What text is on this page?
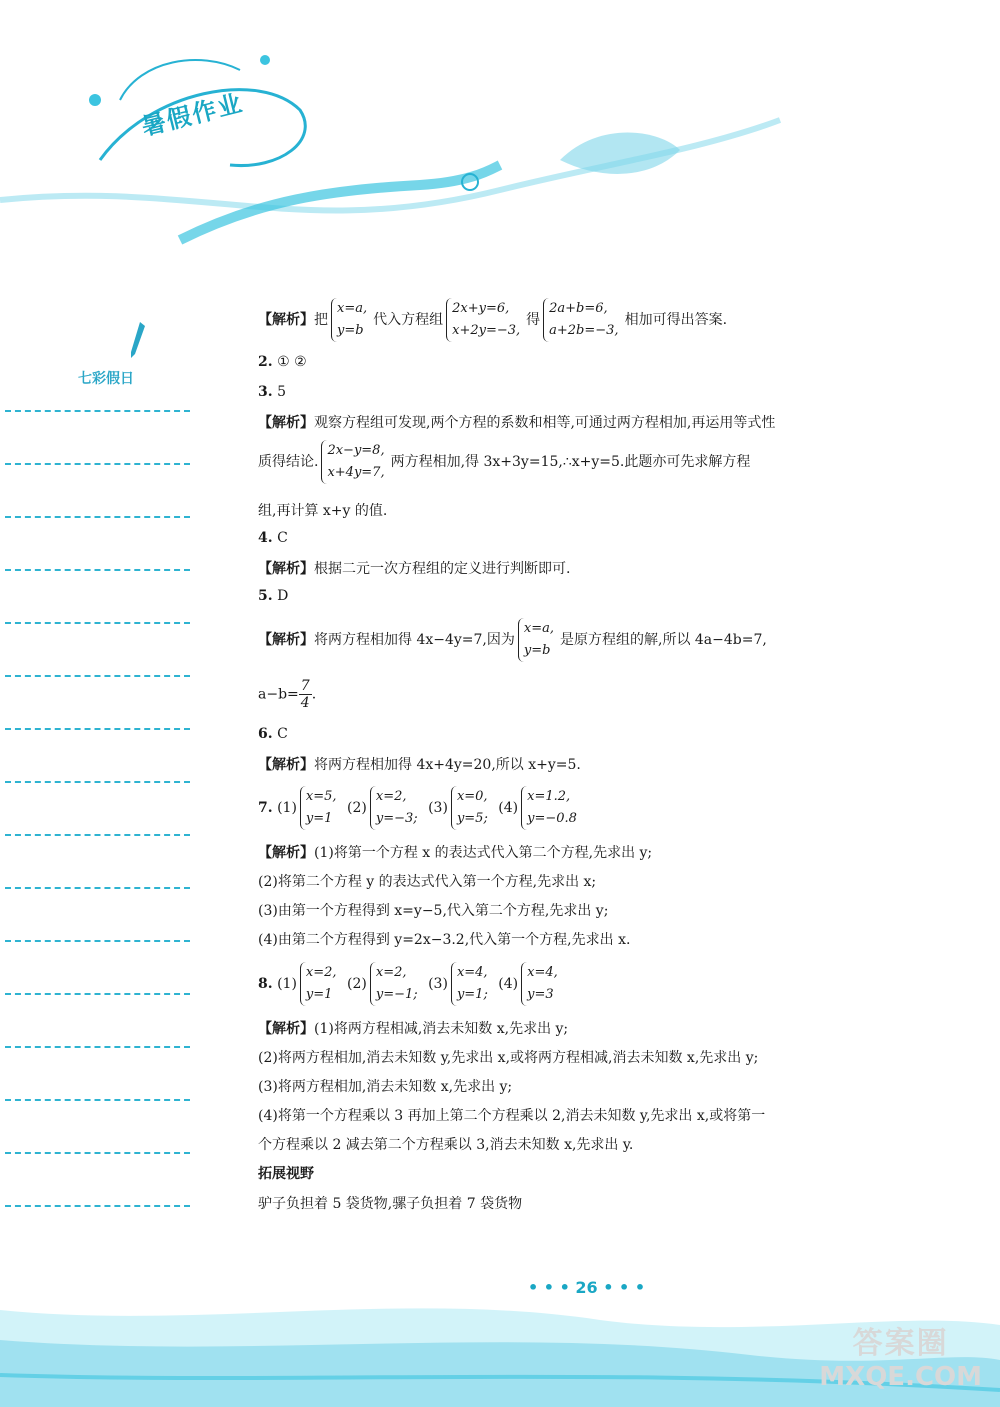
暑假作业
七彩假日
【解析】把
x=a,
y=b
代入方程组
2x+y=6,
x+2y=−3,
得
2a+b=6,
a+2b=−3,
相加可得出答案.
2. ① ②
3. 5
【解析】观察方程组可发现,两个方程的系数和相等,可通过两方程相加,再运用等式性
质得结论.
2x−y=8,
x+4y=7,
两方程相加,得 3x+3y=15,∴x+y=5.此题亦可先求解方程
组,再计算 x+y 的值.
4. C
【解析】根据二元一次方程组的定义进行判断即可.
5. D
【解析】将两方程相加得 4x−4y=7,因为
x=a,
y=b
是原方程组的解,所以 4a−4b=7,
$a-b= \frac{7}{4}$ .
6. C
【解析】将两方程相加得 4x+4y=20,所以 x+y=5.
7. (1)
x=5,
y=1
(2)
x=2,
y=−3;
(3)
x=0,
y=5;
(4)
x=1.2,
y=−0.8
【解析】(1)将第一个方程 x 的表达式代入第二个方程,先求出 y;
(2)将第二个方程 y 的表达式代入第一个方程,先求出 x;
(3)由第一个方程得到 x=y−5,代入第二个方程,先求出 y;
(4)由第二个方程得到 y=2x−3.2,代入第一个方程,先求出 x.
8. (1)
x=2,
y=1
(2)
x=2,
y=−1;
(3)
x=4,
y=1;
(4)
x=4,
y=3
【解析】(1)将两方程相减,消去未知数 x,先求出 y;
(2)将两方程相加,消去未知数 y,先求出 x,或将两方程相减,消去未知数 x,先求出 y;
(3)将两方程相加,消去未知数 x,先求出 y;
(4)将第一个方程乘以 3 再加上第二个方程乘以 2,消去未知数 y,先求出 x,或将第一
个方程乘以 2 减去第二个方程乘以 3,消去未知数 x,先求出 y.
拓展视野
驴子负担着 5 袋货物,骡子负担着 7 袋货物
• • • 26 • • •
答案圈
MXQE.COM
